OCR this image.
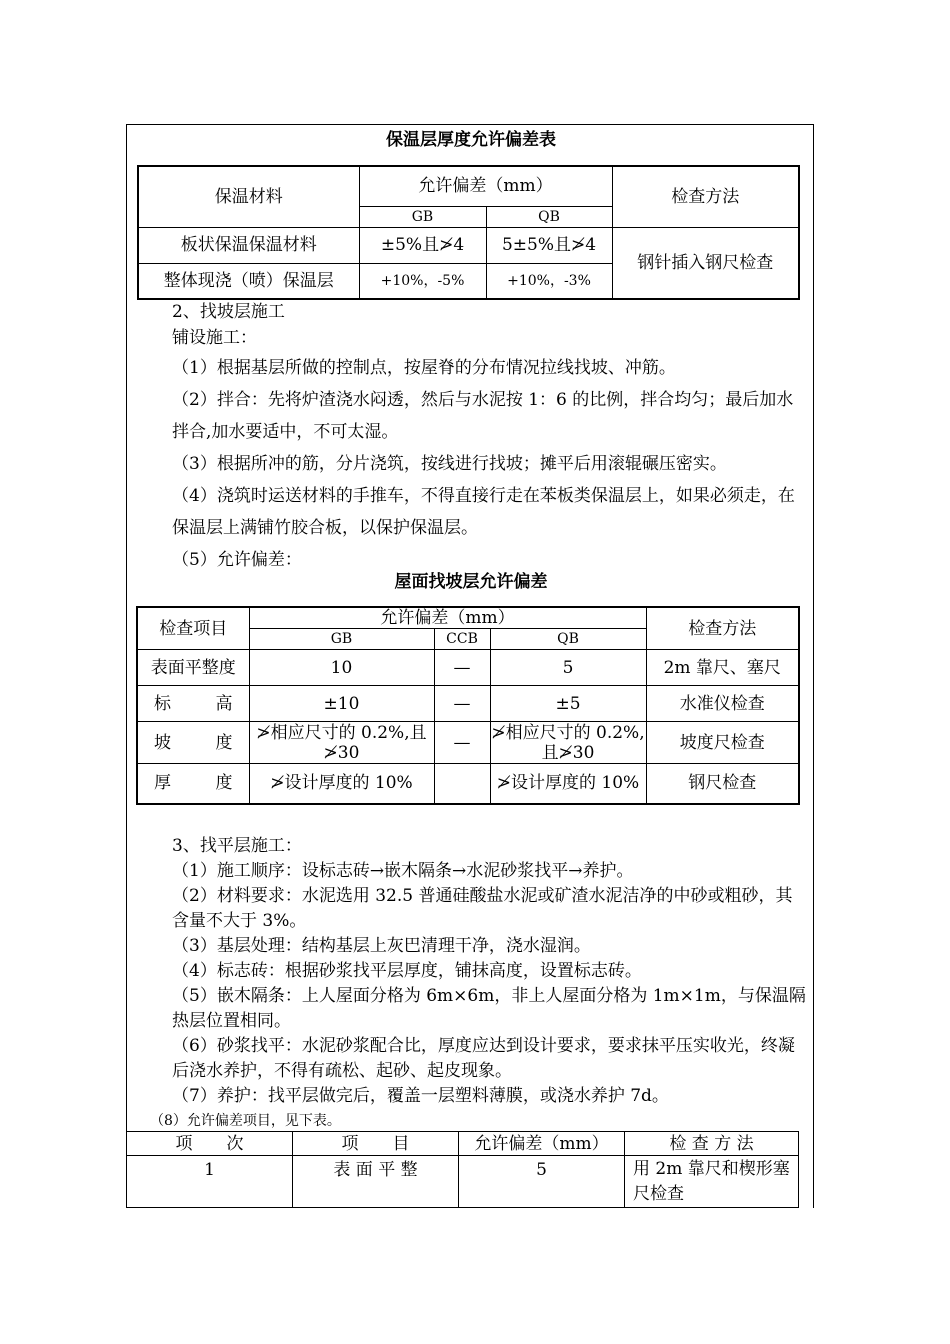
保温层厚度允许偏差表
保温材料	允许偏差（mm）		检查方法
	GB	QB	
板状保温保温材料	±5%且≯4	5±5%且≯4	钢针插入钢尺检查
整体现浇（喷）保温层	+10%，-5%	+10%，-3%	
2、找坡层施工
铺设施工：
（1）根据基层所做的控制点，按屋脊的分布情况拉线找坡、冲筋。
（2）拌合：先将炉渣浇水闷透，然后与水泥按 1：6 的比例，拌合均匀；最后加水拌合,加水要适中，不可太湿。
（3）根据所冲的筋，分片浇筑，按线进行找坡；摊平后用滚辊碾压密实。
（4）浇筑时运送材料的手推车，不得直接行走在苯板类保温层上，如果必须走，在保温层上满铺竹胶合板，以保护保温层。
（5）允许偏差：
屋面找坡层允许偏差
检查项目	允许偏差（mm）			检查方法
	GB	CCB	QB	
表面平整度	10	—	5	2m 靠尺、塞尺

标 高	±10	—	±5	水准仪检查

坡 度	≯相应尺寸的 0.2%,且≯30	—	≯相应尺寸的 0.2%,且≯30	坡度尺检查

厚 度	≯设计厚度的 10%		≯设计厚度的 10%	钢尺检查
3、找平层施工：
（1）施工顺序：设标志砖→嵌木隔条→水泥砂浆找平→养护。
（2）材料要求：水泥选用 32.5 普通硅酸盐水泥或矿渣水泥洁净的中砂或粗砂，其含量不大于 3%。
（3）基层处理：结构基层上灰巴清理干净，浇水湿润。
（4）标志砖：根据砂浆找平层厚度，铺抹高度，设置标志砖。
（5）嵌木隔条：上人屋面分格为 6m×6m，非上人屋面分格为 1m×1m，与保温隔热层位置相同。
（6）砂浆找平：水泥砂浆配合比，厚度应达到设计要求，要求抹平压实收光，终凝后浇水养护，不得有疏松、起砂、起皮现象。
（7）养护：找平层做完后，覆盖一层塑料薄膜，或浇水养护 7d。
（8）允许偏差项目，见下表。
项　　次	项　　目	允许偏差（mm）	检 查 方 法
1	表 面 平 整	5	用 2m 靠尺和楔形塞尺检查
